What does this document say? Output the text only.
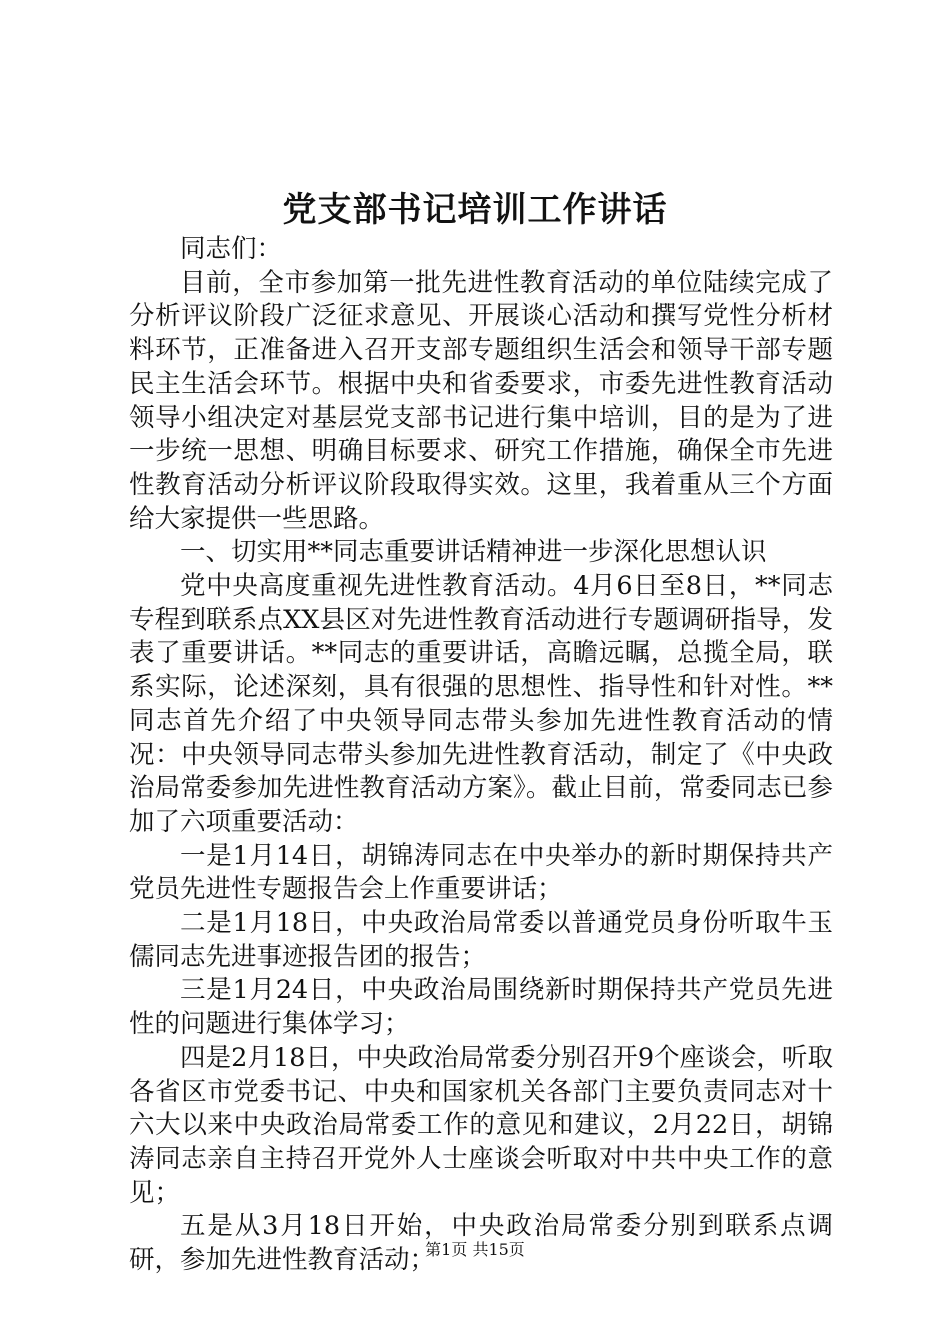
党支部书记培训工作讲话

同志们：

目前，全市参加第一批先进性教育活动的单位陆续完成了分析评议阶段广泛征求意见、开展谈心活动和撰写党性分析材料环节，正准备进入召开支部专题组织生活会和领导干部专题民主生活会环节。根据中央和省委要求，市委先进性教育活动领导小组决定对基层党支部书记进行集中培训，目的是为了进一步统一思想、明确目标要求、研究工作措施，确保全市先进性教育活动分析评议阶段取得实效。这里，我着重从三个方面给大家提供一些思路。

一、切实用**同志重要讲话精神进一步深化思想认识

党中央高度重视先进性教育活动。4月6日至8日，**同志专程到联系点XX县区对先进性教育活动进行专题调研指导，发表了重要讲话。**同志的重要讲话，高瞻远瞩，总揽全局，联系实际，论述深刻，具有很强的思想性、指导性和针对性。**同志首先介绍了中央领导同志带头参加先进性教育活动的情况：中央领导同志带头参加先进性教育活动，制定了《中央政治局常委参加先进性教育活动方案》。截止目前，常委同志已参加了六项重要活动：

一是1月14日，胡锦涛同志在中央举办的新时期保持共产党员先进性专题报告会上作重要讲话；

二是1月18日，中央政治局常委以普通党员身份听取牛玉儒同志先进事迹报告团的报告；

三是1月24日，中央政治局围绕新时期保持共产党员先进性的问题进行集体学习；

四是2月18日，中央政治局常委分别召开9个座谈会，听取各省区市党委书记、中央和国家机关各部门主要负责同志对十六大以来中央政治局常委工作的意见和建议，2月22日，胡锦涛同志亲自主持召开党外人士座谈会听取对中共中央工作的意见；

五是从3月18日开始，中央政治局常委分别到联系点调研，参加先进性教育活动；

第1页 共15页
